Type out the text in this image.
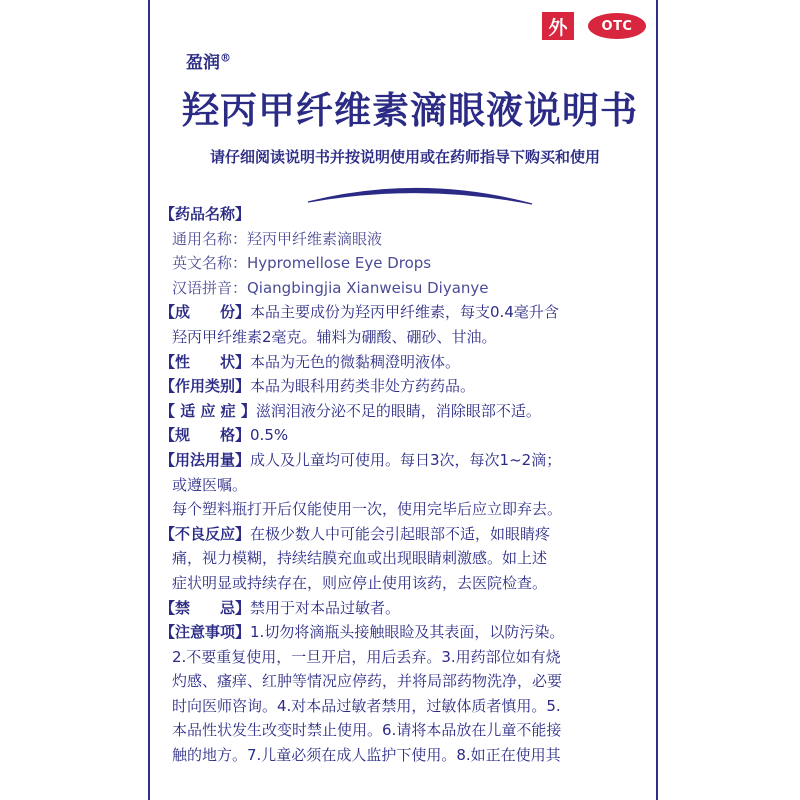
外	OTC
盈润®
羟丙甲纤维素滴眼液说明书
请仔细阅读说明书并按说明使用或在药师指导下购买和使用
【药品名称】
通用名称：羟丙甲纤维素滴眼液
英文名称：Hypromellose Eye Drops
汉语拼音：Qiangbingjia Xianweisu Diyanye
【成　　份】本品主要成份为羟丙甲纤维素，每支0.4毫升含
羟丙甲纤维素2毫克。辅料为硼酸、硼砂、甘油。
【性　　状】本品为无色的微黏稠澄明液体。
【作用类别】本品为眼科用药类非处方药药品。
【 适 应 症 】滋润泪液分泌不足的眼睛，消除眼部不适。
【规　　格】0.5%
【用法用量】成人及儿童均可使用。每日3次，每次1~2滴；
或遵医嘱。
每个塑料瓶打开后仅能使用一次，使用完毕后应立即弃去。
【不良反应】在极少数人中可能会引起眼部不适，如眼睛疼
痛，视力模糊，持续结膜充血或出现眼睛刺激感。如上述
症状明显或持续存在，则应停止使用该药，去医院检查。
【禁　　忌】禁用于对本品过敏者。
【注意事项】1.切勿将滴瓶头接触眼睑及其表面，以防污染。
2.不要重复使用，一旦开启，用后丢弃。3.用药部位如有烧
灼感、瘙痒、红肿等情况应停药，并将局部药物洗净，必要
时向医师咨询。4.对本品过敏者禁用，过敏体质者慎用。5.
本品性状发生改变时禁止使用。6.请将本品放在儿童不能接
触的地方。7.儿童必须在成人监护下使用。8.如正在使用其
